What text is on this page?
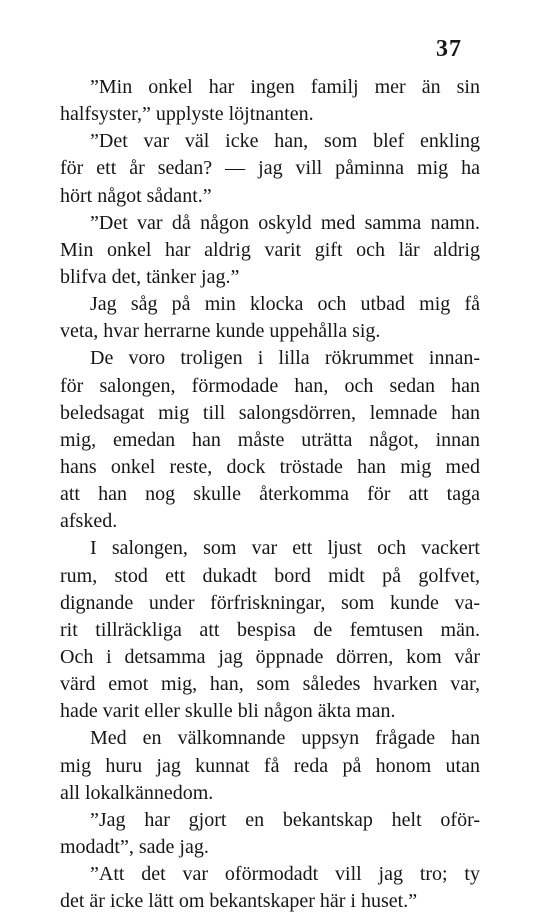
37
”Min onkel har ingen familj mer än sin
halfsyster,” upplyste löjtnanten.
”Det var väl icke han, som blef enkling
för ett år sedan? — jag vill påminna mig ha
hört något sådant.”
”Det var då någon oskyld med samma namn.
Min onkel har aldrig varit gift och lär aldrig
blifva det, tänker jag.”
Jag såg på min klocka och utbad mig få
veta, hvar herrarne kunde uppehålla sig.
De voro troligen i lilla rökrummet innan-
för salongen, förmodade han, och sedan han
beledsagat mig till salongsdörren, lemnade han
mig, emedan han måste uträtta något, innan
hans onkel reste, dock tröstade han mig med
att han nog skulle återkomma för att taga
afsked.
I salongen, som var ett ljust och vackert
rum, stod ett dukadt bord midt på golfvet,
dignande under förfriskningar, som kunde va-
rit tillräckliga att bespisa de femtusen män.
Och i detsamma jag öppnade dörren, kom vår
värd emot mig, han, som således hvarken var,
hade varit eller skulle bli någon äkta man.
Med en välkomnande uppsyn frågade han
mig huru jag kunnat få reda på honom utan
all lokalkännedom.
”Jag har gjort en bekantskap helt oför-
modadt”, sade jag.
”Att det var oförmodadt vill jag tro; ty
det är icke lätt om bekantskaper här i huset.”
